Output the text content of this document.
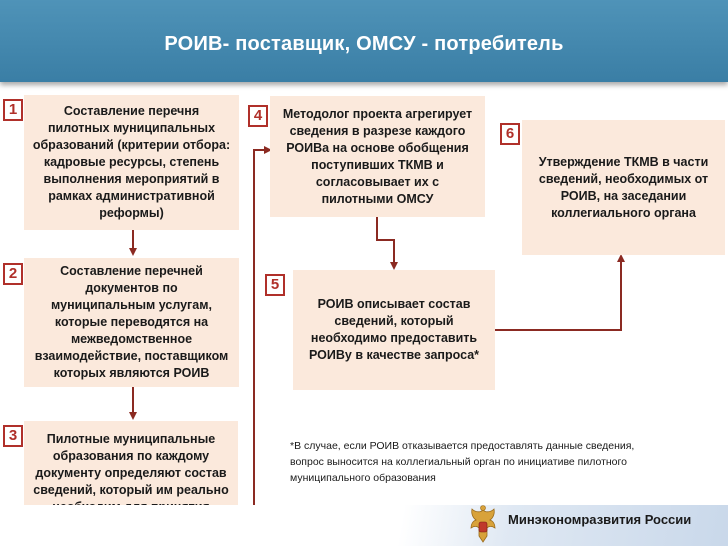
РОИВ- поставщик, ОМСУ - потребитель
1	Составление перечня
пилотных муниципальных
образований (критерии отбора:
кадровые ресурсы, степень
выполнения мероприятий в
рамках административной
реформы)
2	Составление перечней
документов по
муниципальным услугам,
которые переводятся на
межведомственное
взаимодействие, поставщиком
которых являются РОИВ
3	Пилотные муниципальные
образования по каждому
документу определяют состав
сведений, который им реально
4	Методолог проекта агрегирует
сведения в разрезе каждого
РОИВа на основе обобщения
поступивших ТКМВ и
согласовывает их с
пилотными ОМСУ
5
РОИВ описывает состав
сведений, который
необходимо предоставить
РОИВу в качестве запроса*
6
Утверждение ТКМВ в части
сведений, необходимых от
РОИВ, на заседании
коллегиального органа
*В случае, если РОИВ отказывается предоставлять данные сведения,
вопрос выносится на коллегиальный орган по инициативе пилотного
муниципального образования
Минэкономразвития России
